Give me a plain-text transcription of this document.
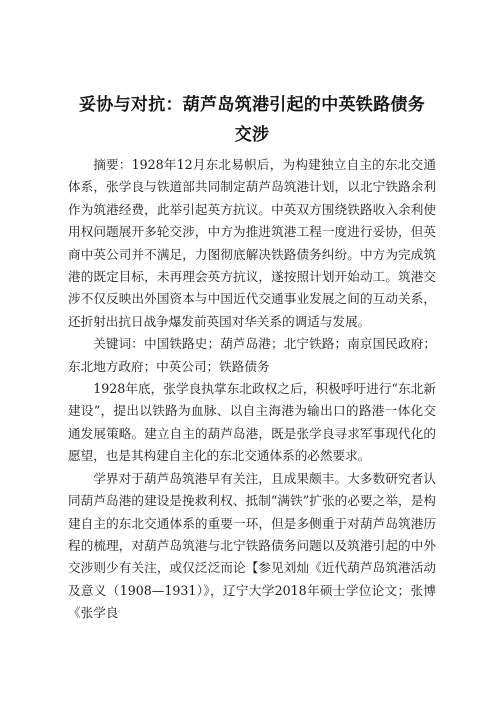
妥协与对抗：葫芦岛筑港引起的中英铁路债务
交涉

摘要：1928年12月东北易帜后，为构建独立自主的东北交通体系，张学良与铁道部共同制定葫芦岛筑港计划，以北宁铁路余利作为筑港经费，此举引起英方抗议。中英双方围绕铁路收入余利使用权问题展开多轮交涉，中方为推进筑港工程一度进行妥协，但英商中英公司并不满足，力图彻底解决铁路债务纠纷。中方为完成筑港的既定目标，未再理会英方抗议，遂按照计划开始动工。筑港交涉不仅反映出外国资本与中国近代交通事业发展之间的互动关系，还折射出抗日战争爆发前英国对华关系的调适与发展。

关键词：中国铁路史；葫芦岛港；北宁铁路；南京国民政府；东北地方政府；中英公司；铁路债务

1928年底，张学良执掌东北政权之后，积极呼吁进行“东北新建设”，提出以铁路为血脉、以自主海港为输出口的路港一体化交通发展策略。建立自主的葫芦岛港，既是张学良寻求军事现代化的愿望，也是其构建自主化的东北交通体系的必然要求。

学界对于葫芦岛筑港早有关注，且成果颇丰。大多数研究者认同葫芦岛港的建设是挽救利权、抵制“满铁”扩张的必要之举，是构建自主的东北交通体系的重要一环，但是多侧重于对葫芦岛筑港历程的梳理，对葫芦岛筑港与北宁铁路债务问题以及筑港引起的中外交涉则少有关注，或仅泛泛而论【参见刘灿《近代葫芦岛筑港活动及意义（1908—1931）》，辽宁大学2018年硕士学位论文；张博《张学良
